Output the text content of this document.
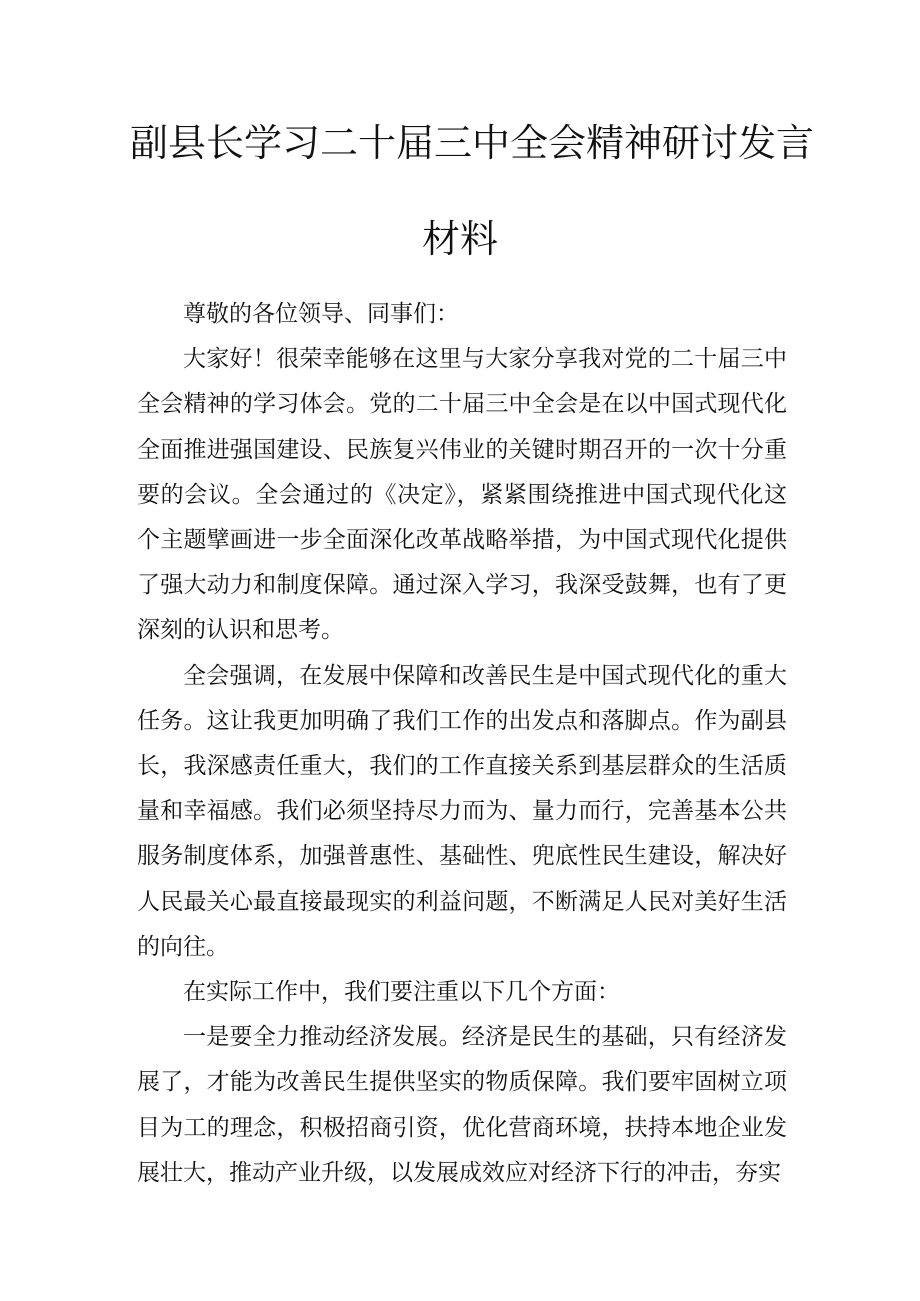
副县长学习二十届三中全会精神研讨发言
材料

尊敬的各位领导、同事们：

大家好！很荣幸能够在这里与大家分享我对党的二十届三中全会精神的学习体会。党的二十届三中全会是在以中国式现代化全面推进强国建设、民族复兴伟业的关键时期召开的一次十分重要的会议。全会通过的《决定》，紧紧围绕推进中国式现代化这个主题擘画进一步全面深化改革战略举措，为中国式现代化提供了强大动力和制度保障。通过深入学习，我深受鼓舞，也有了更深刻的认识和思考。

全会强调，在发展中保障和改善民生是中国式现代化的重大任务。这让我更加明确了我们工作的出发点和落脚点。作为副县长，我深感责任重大，我们的工作直接关系到基层群众的生活质量和幸福感。我们必须坚持尽力而为、量力而行，完善基本公共服务制度体系，加强普惠性、基础性、兜底性民生建设，解决好人民最关心最直接最现实的利益问题，不断满足人民对美好生活的向往。

在实际工作中，我们要注重以下几个方面：

一是要全力推动经济发展。经济是民生的基础，只有经济发展了，才能为改善民生提供坚实的物质保障。我们要牢固树立项目为工的理念，积极招商引资，优化营商环境，扶持本地企业发展壮大，推动产业升级，以发展成效应对经济下行的冲击，夯实
